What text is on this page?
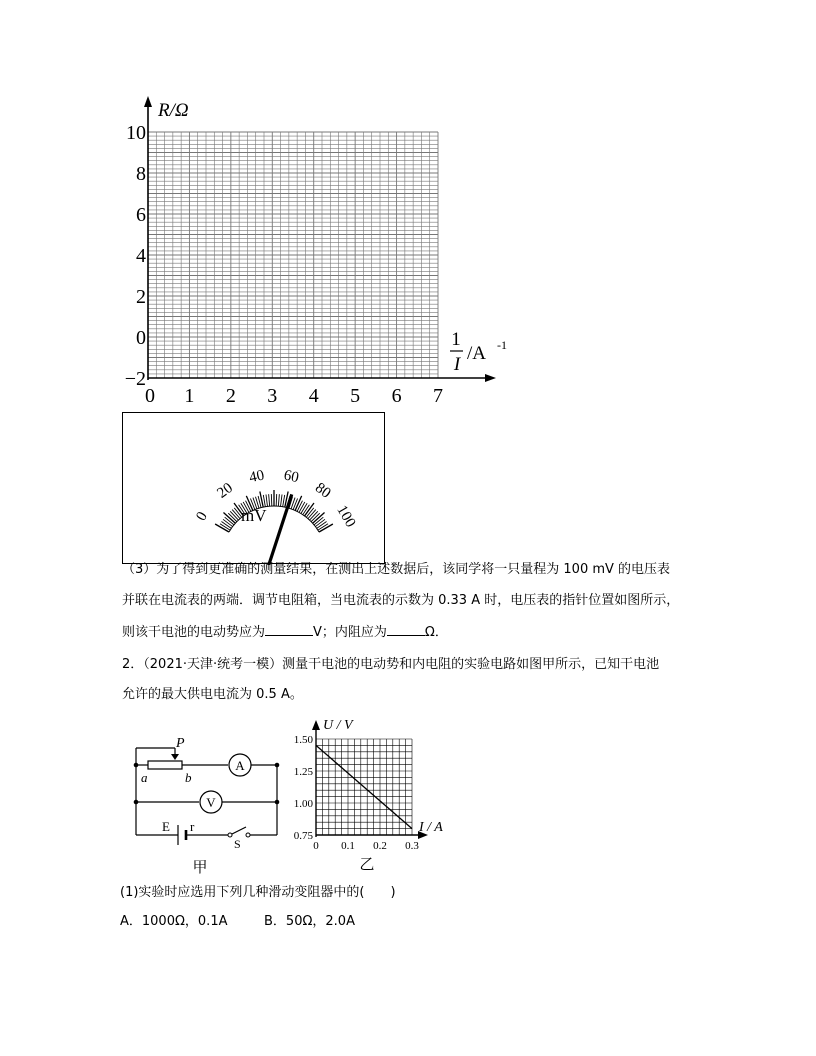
R/Ω
1
I
/A -1
10
8
6
4
2
0
−2
0 1 2 3 4 5 6 7
0
20
40 60
80
100
mV
（3）为了得到更准确的测量结果，在测出上述数据后，该同学将一只量程为 100 mV 的电压表
并联在电流表的两端．调节电阻箱，当电流表的示数为 0.33 A 时，电压表的指针位置如图所示，
则该干电池的电动势应为	V；内阻应为	Ω．
2．（2021·天津·统考一模）测量干电池的电动势和内电阻的实验电路如图甲所示，已知干电池
允许的最大供电电流为 0.5 A。
P
a	b
A
V
E r
S
甲
U / V
I / A
1.50
1.25
1.00
0.75
0 0.1 0.2 0.3
乙
(1)实验时应选用下列几种滑动变阻器中的(　　)
A．1000Ω，0.1A	B．50Ω，2.0A
